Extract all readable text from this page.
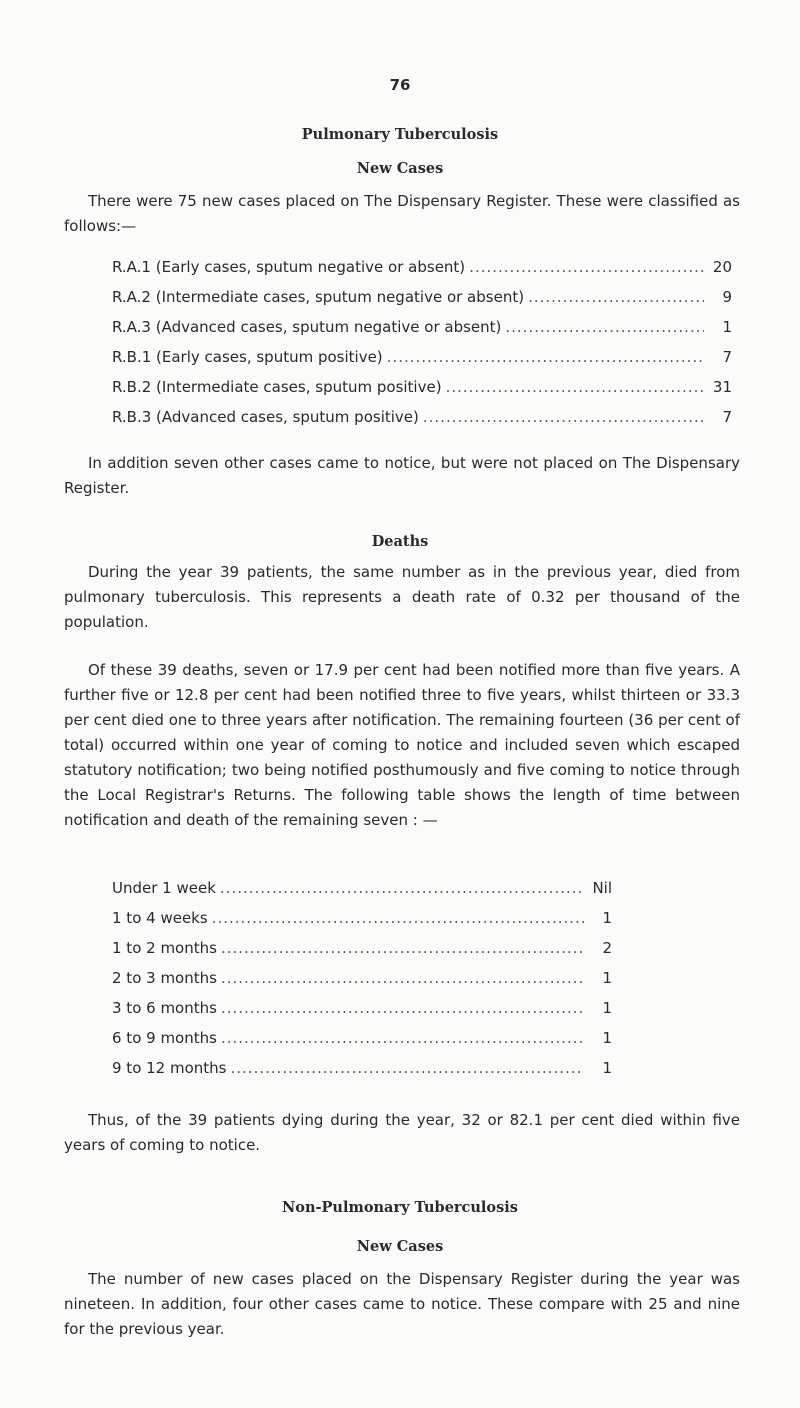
76
Pulmonary Tuberculosis
New Cases
There were 75 new cases placed on The Dispensary Register. These were classified as follows:—
R.A.1 (Early cases, sputum negative or absent) .....	20
R.A.2 (Intermediate cases, sputum negative or absent) .....	9
R.A.3 (Advanced cases, sputum negative or absent) .....	1
R.B.1 (Early cases, sputum positive) .....	7
R.B.2 (Intermediate cases, sputum positive) .....	31
R.B.3 (Advanced cases, sputum positive) .....	7
In addition seven other cases came to notice, but were not placed on The Dispensary Register.
Deaths
During the year 39 patients, the same number as in the previous year, died from pulmonary tuberculosis. This represents a death rate of 0.32 per thousand of the population.
Of these 39 deaths, seven or 17.9 per cent had been notified more than five years. A further five or 12.8 per cent had been notified three to five years, whilst thirteen or 33.3 per cent died one to three years after notification. The remaining fourteen (36 per cent of total) occurred within one year of coming to notice and included seven which escaped statutory notification; two being notified posthumously and five coming to notice through the Local Registrar's Returns. The following table shows the length of time between notification and death of the remaining seven : —
Under 1 week .....	Nil
1 to 4 weeks .....	1
1 to 2 months .....	2
2 to 3 months .....	1
3 to 6 months .....	1
6 to 9 months .....	1
9 to 12 months .....	1
Thus, of the 39 patients dying during the year, 32 or 82.1 per cent died within five years of coming to notice.
Non-Pulmonary Tuberculosis
New Cases
The number of new cases placed on the Dispensary Register during the year was nineteen. In addition, four other cases came to notice. These compare with 25 and nine for the previous year.
